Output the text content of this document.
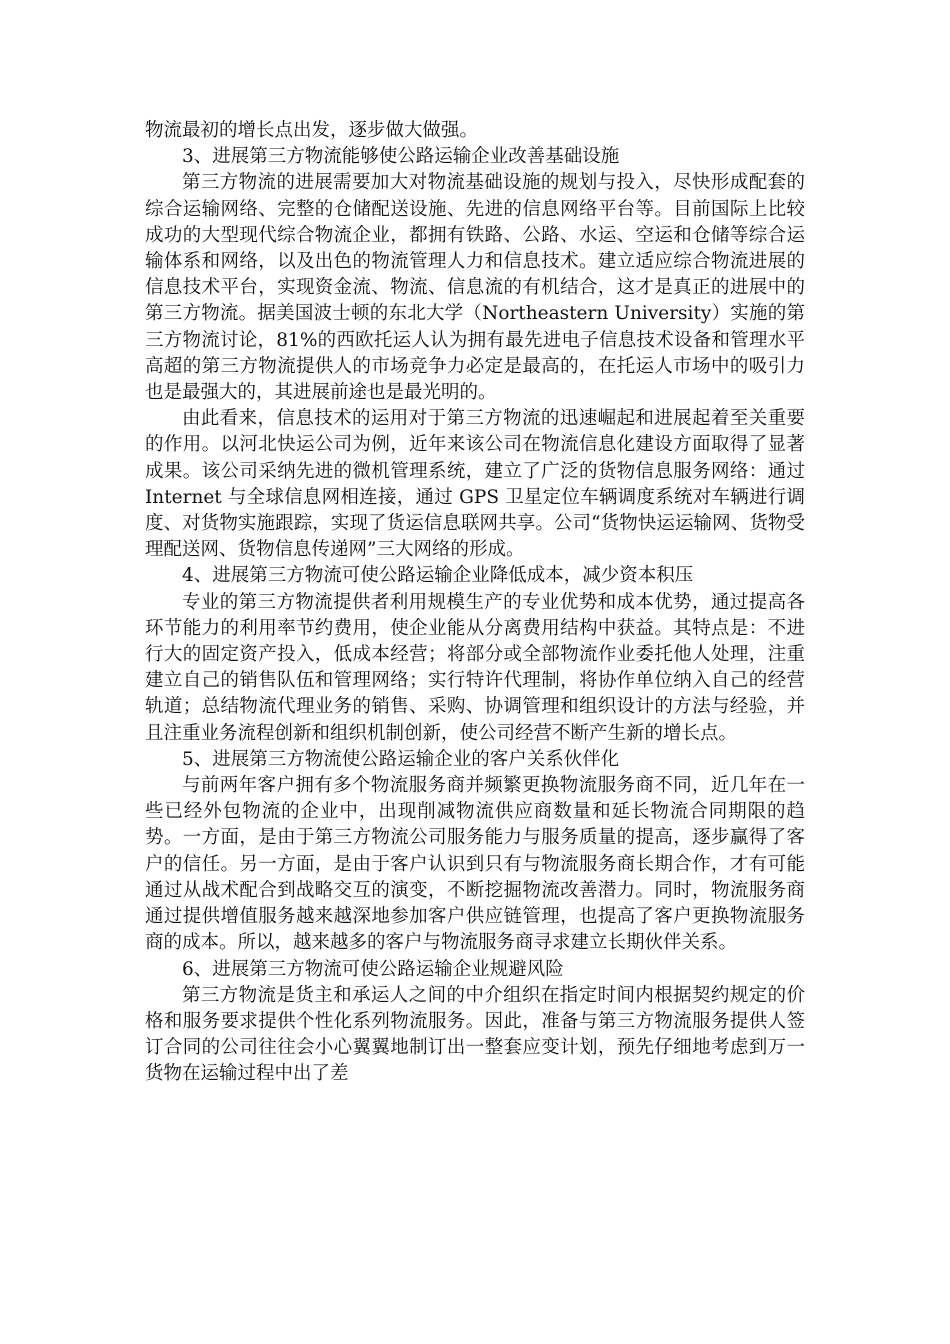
物流最初的增长点出发，逐步做大做强。

3、进展第三方物流能够使公路运输企业改善基础设施

第三方物流的进展需要加大对物流基础设施的规划与投入，尽快形成配套的综合运输网络、完整的仓储配送设施、先进的信息网络平台等。目前国际上比较成功的大型现代综合物流企业，都拥有铁路、公路、水运、空运和仓储等综合运输体系和网络，以及出色的物流管理人力和信息技术。建立适应综合物流进展的信息技术平台，实现资金流、物流、信息流的有机结合，这才是真正的进展中的第三方物流。据美国波士顿的东北大学（Northeastern University）实施的第三方物流讨论，81%的西欧托运人认为拥有最先进电子信息技术设备和管理水平高超的第三方物流提供人的市场竞争力必定是最高的，在托运人市场中的吸引力也是最强大的，其进展前途也是最光明的。

由此看来，信息技术的运用对于第三方物流的迅速崛起和进展起着至关重要的作用。以河北快运公司为例，近年来该公司在物流信息化建设方面取得了显著成果。该公司采纳先进的微机管理系统，建立了广泛的货物信息服务网络：通过 Internet 与全球信息网相连接，通过 GPS 卫星定位车辆调度系统对车辆进行调度、对货物实施跟踪，实现了货运信息联网共享。公司“货物快运运输网、货物受理配送网、货物信息传递网”三大网络的形成。

4、进展第三方物流可使公路运输企业降低成本，减少资本积压

专业的第三方物流提供者利用规模生产的专业优势和成本优势，通过提高各环节能力的利用率节约费用，使企业能从分离费用结构中获益。其特点是：不进行大的固定资产投入，低成本经营；将部分或全部物流作业委托他人处理，注重建立自己的销售队伍和管理网络；实行特许代理制，将协作单位纳入自己的经营轨道；总结物流代理业务的销售、采购、协调管理和组织设计的方法与经验，并且注重业务流程创新和组织机制创新，使公司经营不断产生新的增长点。

5、进展第三方物流使公路运输企业的客户关系伙伴化

与前两年客户拥有多个物流服务商并频繁更换物流服务商不同，近几年在一些已经外包物流的企业中，出现削减物流供应商数量和延长物流合同期限的趋势。一方面，是由于第三方物流公司服务能力与服务质量的提高，逐步赢得了客户的信任。另一方面，是由于客户认识到只有与物流服务商长期合作，才有可能通过从战术配合到战略交互的演变，不断挖掘物流改善潜力。同时，物流服务商通过提供增值服务越来越深地参加客户供应链管理，也提高了客户更换物流服务商的成本。所以，越来越多的客户与物流服务商寻求建立长期伙伴关系。

6、进展第三方物流可使公路运输企业规避风险

第三方物流是货主和承运人之间的中介组织在指定时间内根据契约规定的价格和服务要求提供个性化系列物流服务。因此，准备与第三方物流服务提供人签订合同的公司往往会小心翼翼地制订出一整套应变计划，预先仔细地考虑到万一货物在运输过程中出了差
